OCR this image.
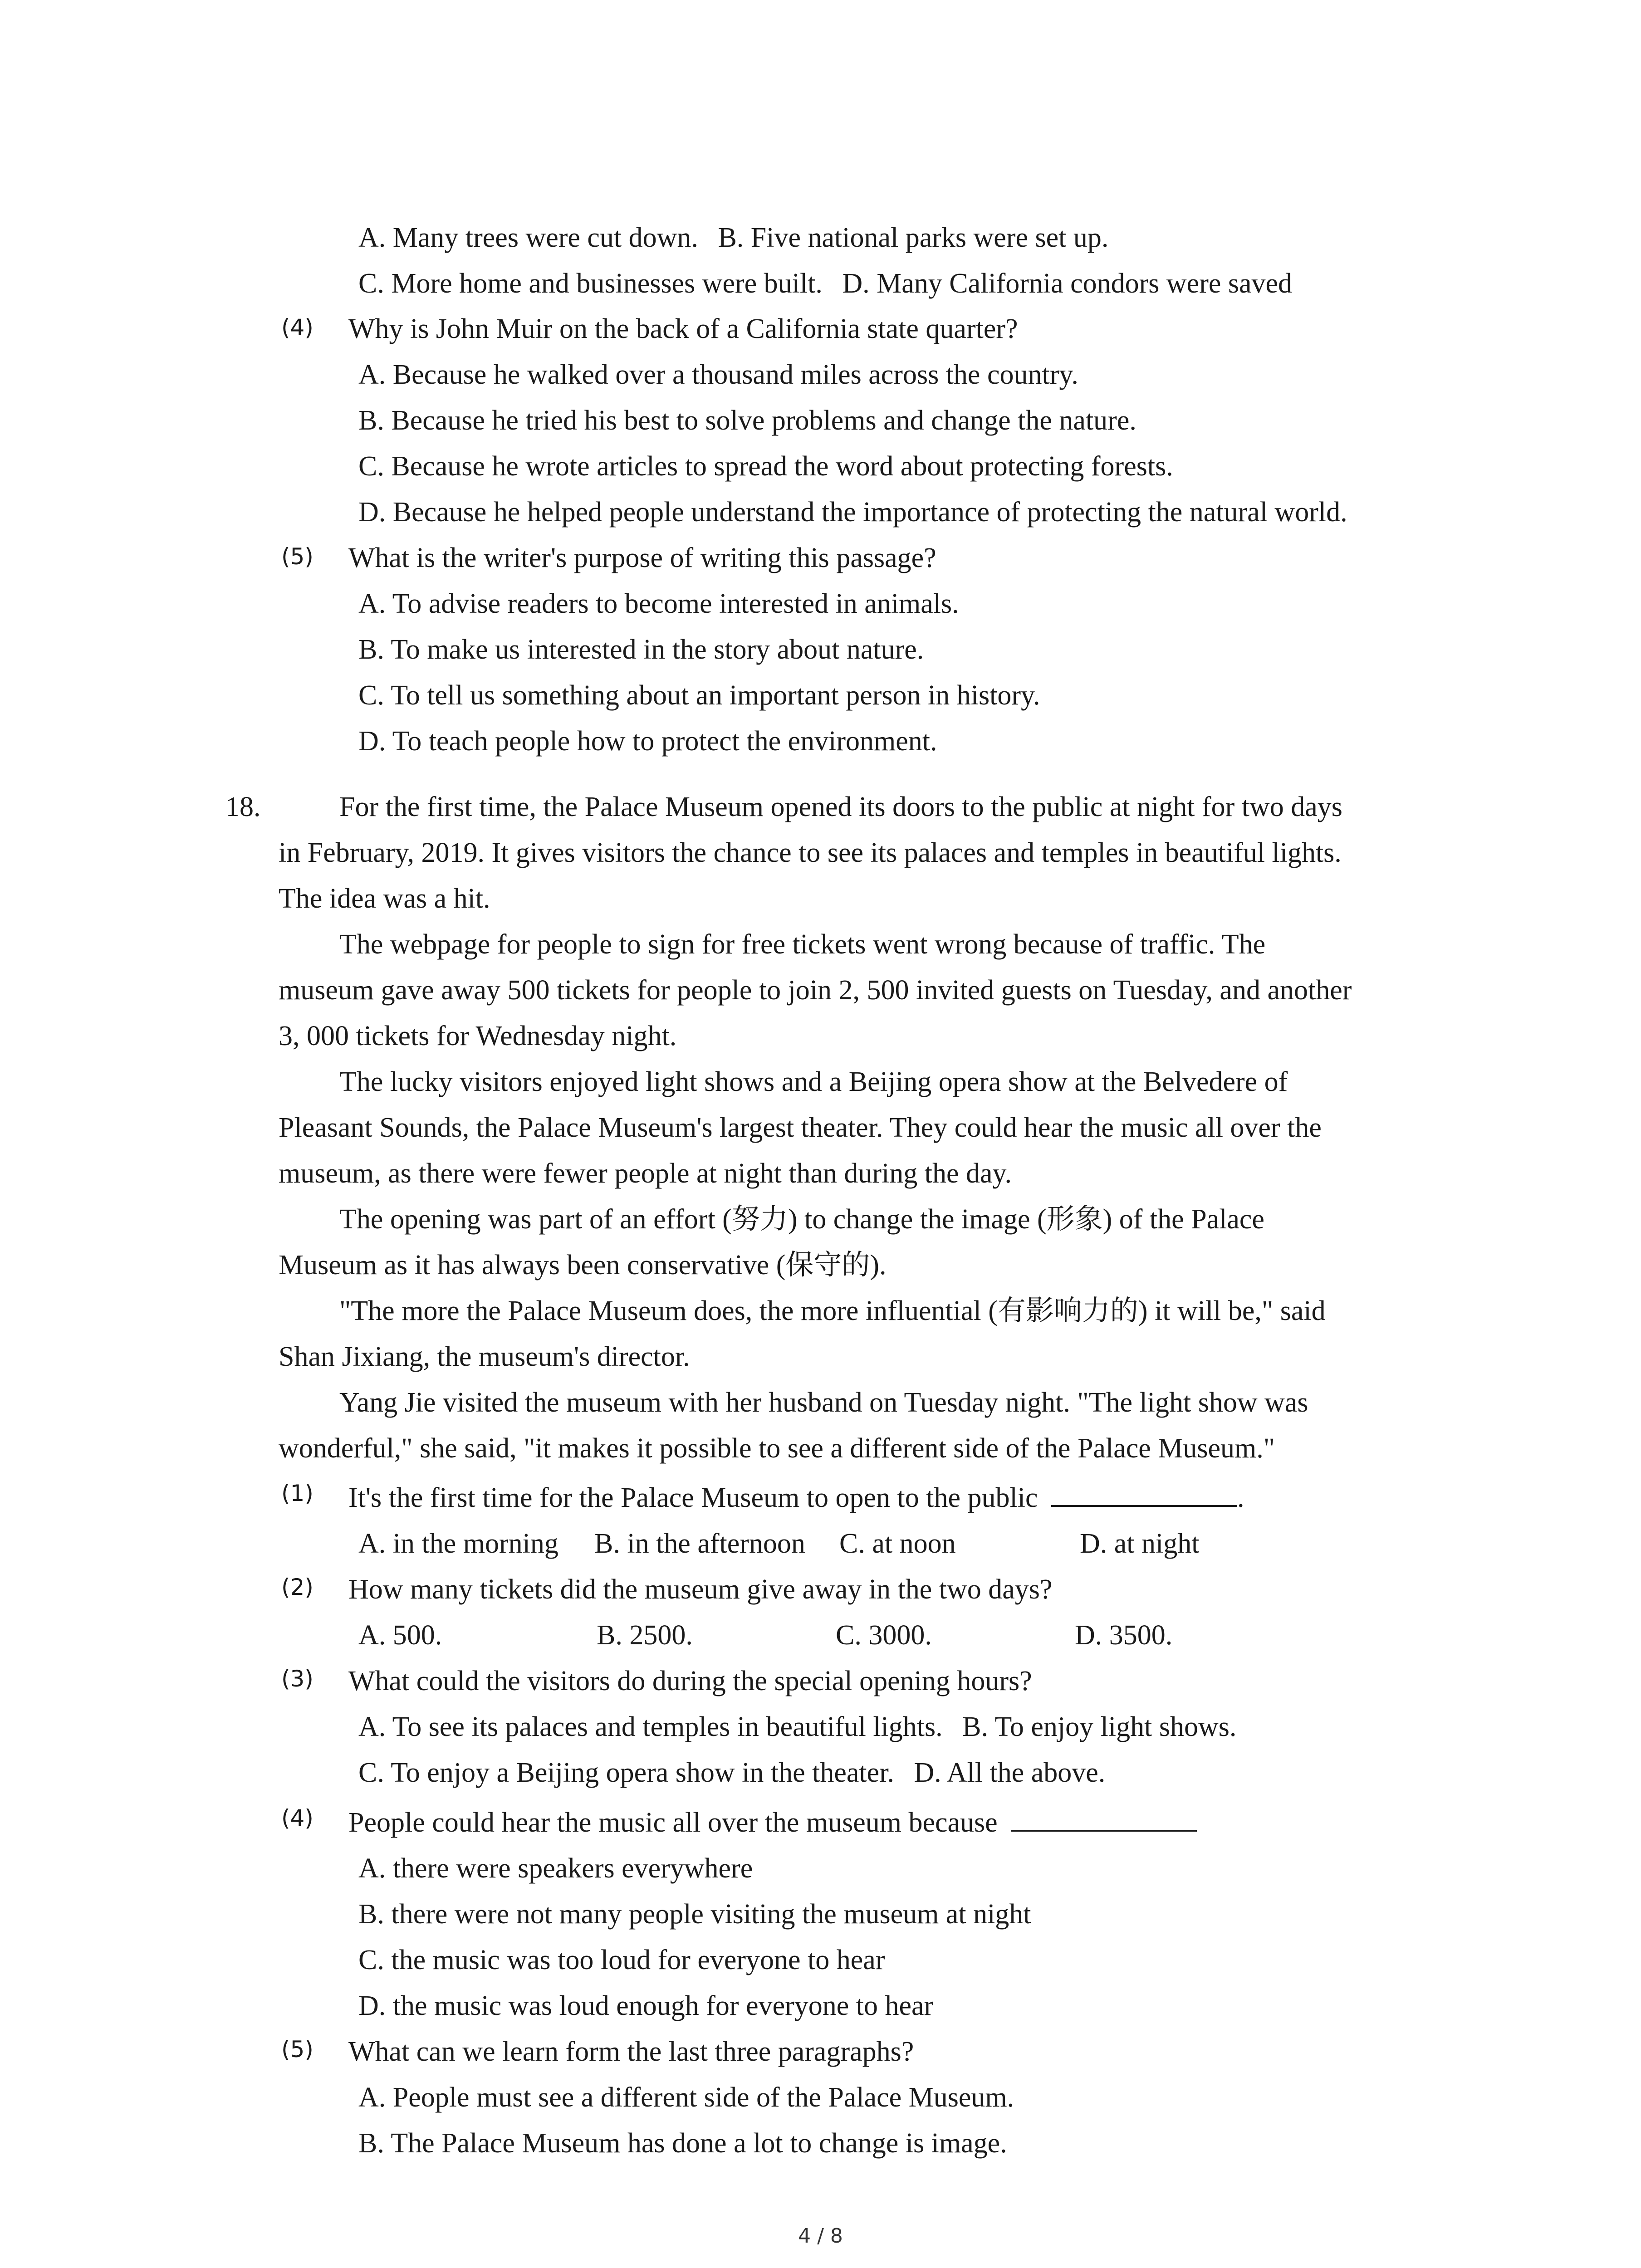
A. Many trees were cut down. B. Five national parks were set up.
C. More home and businesses were built. D. Many California condors were saved
(4) Why is John Muir on the back of a California state quarter?
A. Because he walked over a thousand miles across the country.
B. Because he tried his best to solve problems and change the nature.
C. Because he wrote articles to spread the word about protecting forests.
D. Because he helped people understand the importance of protecting the natural world.
(5) What is the writer's purpose of writing this passage?
A. To advise readers to become interested in animals.
B. To make us interested in the story about nature.
C. To tell us something about an important person in history.
D. To teach people how to protect the environment.
18.	For the first time, the Palace Museum opened its doors to the public at night for two days
in February, 2019. It gives visitors the chance to see its palaces and temples in beautiful lights.
The idea was a hit.
The webpage for people to sign for free tickets went wrong because of traffic. The
museum gave away 500 tickets for people to join 2, 500 invited guests on Tuesday, and another
3, 000 tickets for Wednesday night.
The lucky visitors enjoyed light shows and a Beijing opera show at the Belvedere of
Pleasant Sounds, the Palace Museum's largest theater. They could hear the music all over the
museum, as there were fewer people at night than during the day.
The opening was part of an effort (努力) to change the image (形象) of the Palace
Museum as it has always been conservative (保守的).
"The more the Palace Museum does, the more influential (有影响力的) it will be," said
Shan Jixiang, the museum's director.
Yang Jie visited the museum with her husband on Tuesday night. "The light show was
wonderful," she said, "it makes it possible to see a different side of the Palace Museum."
(1) It's the first time for the Palace Museum to open to the public	.
A. in the morning B. in the afternoon C. at noon	D. at night
(2) How many tickets did the museum give away in the two days?
A. 500.	B. 2500.	C. 3000.	D. 3500.
(3) What could the visitors do during the special opening hours?
A. To see its palaces and temples in beautiful lights. B. To enjoy light shows.
C. To enjoy a Beijing opera show in the theater. D. All the above.
(4) People could hear the music all over the museum because
A. there were speakers everywhere
B. there were not many people visiting the museum at night
C. the music was too loud for everyone to hear
D. the music was loud enough for everyone to hear
(5) What can we learn form the last three paragraphs?
A. People must see a different side of the Palace Museum.
B. The Palace Museum has done a lot to change is image.
4 / 8
